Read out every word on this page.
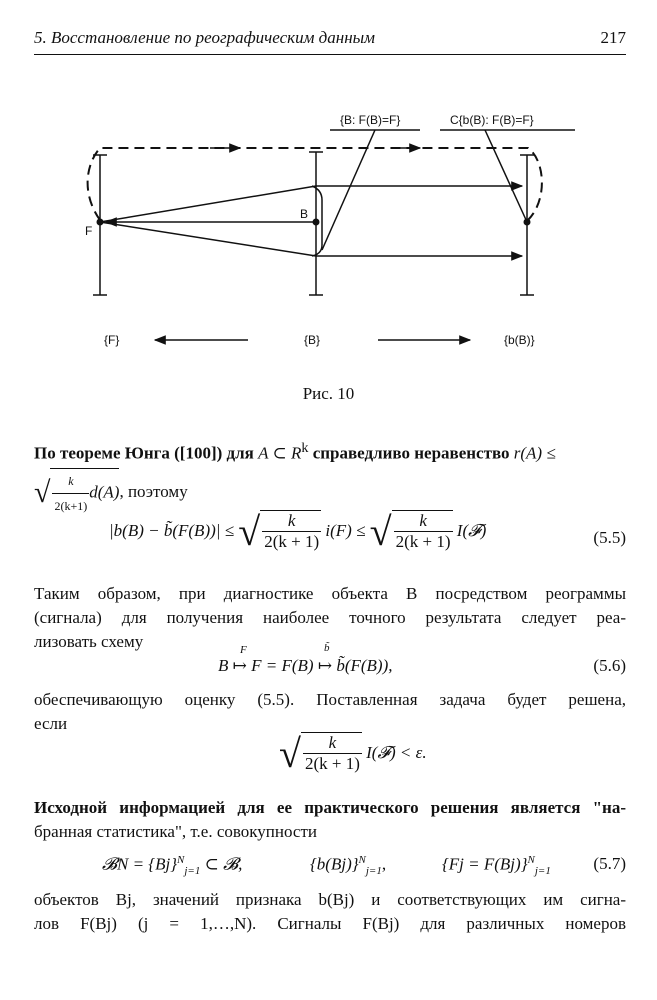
5. Восстановление по реографическим данным	217
{B: F(B)=F}	C{b(B): F(B)=F}
F
B
{F}	{B}	{b(B)}
Рис. 10
По теореме Юнга ([100]) для A ⊂ $R^k$ справедливо неравенство r(A) ≤
√ $\frac{k}{2(k+1)} d(A)$, поэтому
|b(B) − b̃(F(B))| ≤ √ $\frac{k}{2(k + 1)} i(F)$ ≤ √ $\frac{k}{2(k + 1)}$ I(𝓕)	(5.5)
Таким образом, при диагностике объекта B посредством реограммы
(сигнала) для получения наиболее точного результата следует реа-
лизовать схему
B ↦ F = F(B) ↦ b̃(F(B)),
F	b̃
(5.6)
обеспечивающую оценку (5.5). Поставленная задача будет решена,
если
√ $\frac{k}{2(k + 1)}$ I(𝓕) < ε.
Исходной информацией для ее практического решения является "на-
бранная статистика", т.е. совокупности
𝓑N = $\{Bj\}^N_{j=1}$ ⊂ 𝓑,	$\{b(Bj)\}^N_{j=1}$,	{Fj = F(Bj)}$^N_{j=1}$	(5.7)
объектов Bj, значений признака b(Bj) и соответствующих им сигна-
лов F(Bj) (j = 1,…,N). Сигналы F(Bj) для различных номеров
